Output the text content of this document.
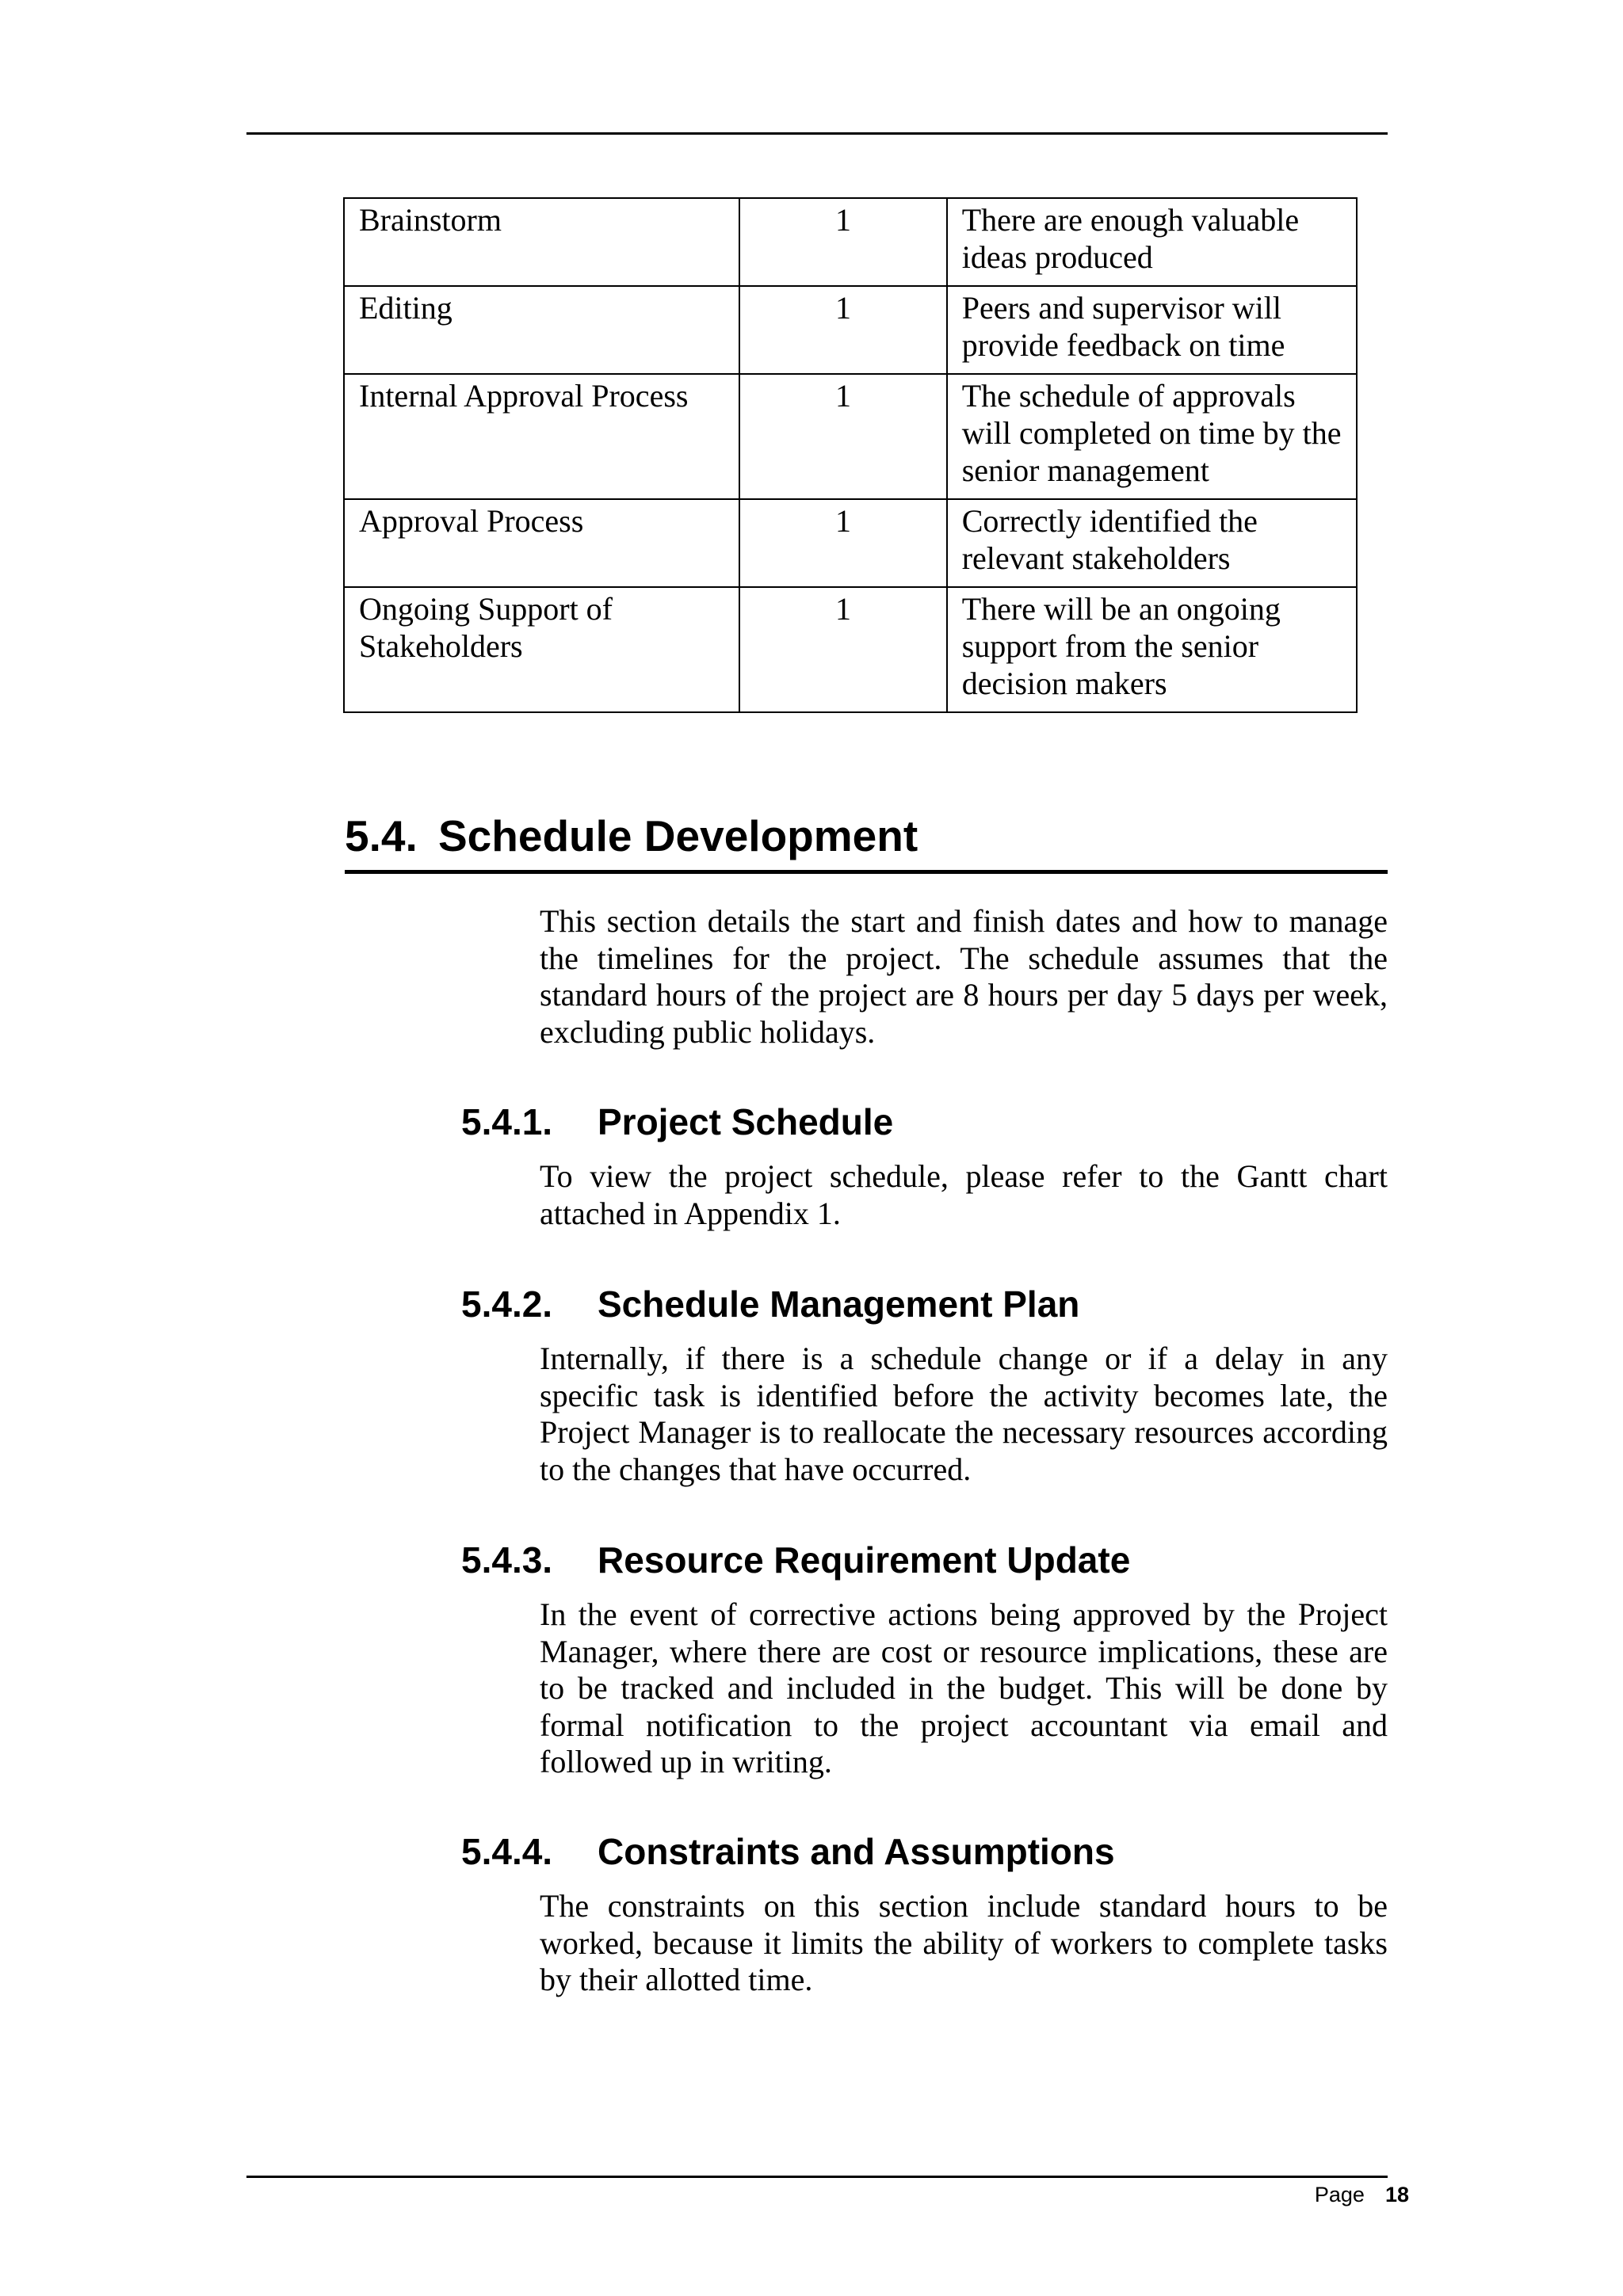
Brainstorm	1	There are enough valuable ideas produced
Editing	1	Peers and supervisor will provide feedback on time
Internal Approval Process	1	The schedule of approvals will completed on time by the senior management
Approval Process	1	Correctly identified the relevant stakeholders
Ongoing Support of Stakeholders	1	There will be an ongoing support from the senior decision makers
5.4. Schedule Development

This section details the start and finish dates and how to manage the timelines for the project. The schedule assumes that the standard hours of the project are 8 hours per day 5 days per week, excluding public holidays.

5.4.1. Project Schedule

To view the project schedule, please refer to the Gantt chart attached in Appendix 1.

5.4.2. Schedule Management Plan

Internally, if there is a schedule change or if a delay in any specific task is identified before the activity becomes late, the Project Manager is to reallocate the necessary resources according to the changes that have occurred.

5.4.3. Resource Requirement Update

In the event of corrective actions being approved by the Project Manager, where there are cost or resource implications, these are to be tracked and included in the budget. This will be done by formal notification to the project accountant via email and followed up in writing.

5.4.4. Constraints and Assumptions

The constraints on this section include standard hours to be worked, because it limits the ability of workers to complete tasks by their allotted time.

Page 18
